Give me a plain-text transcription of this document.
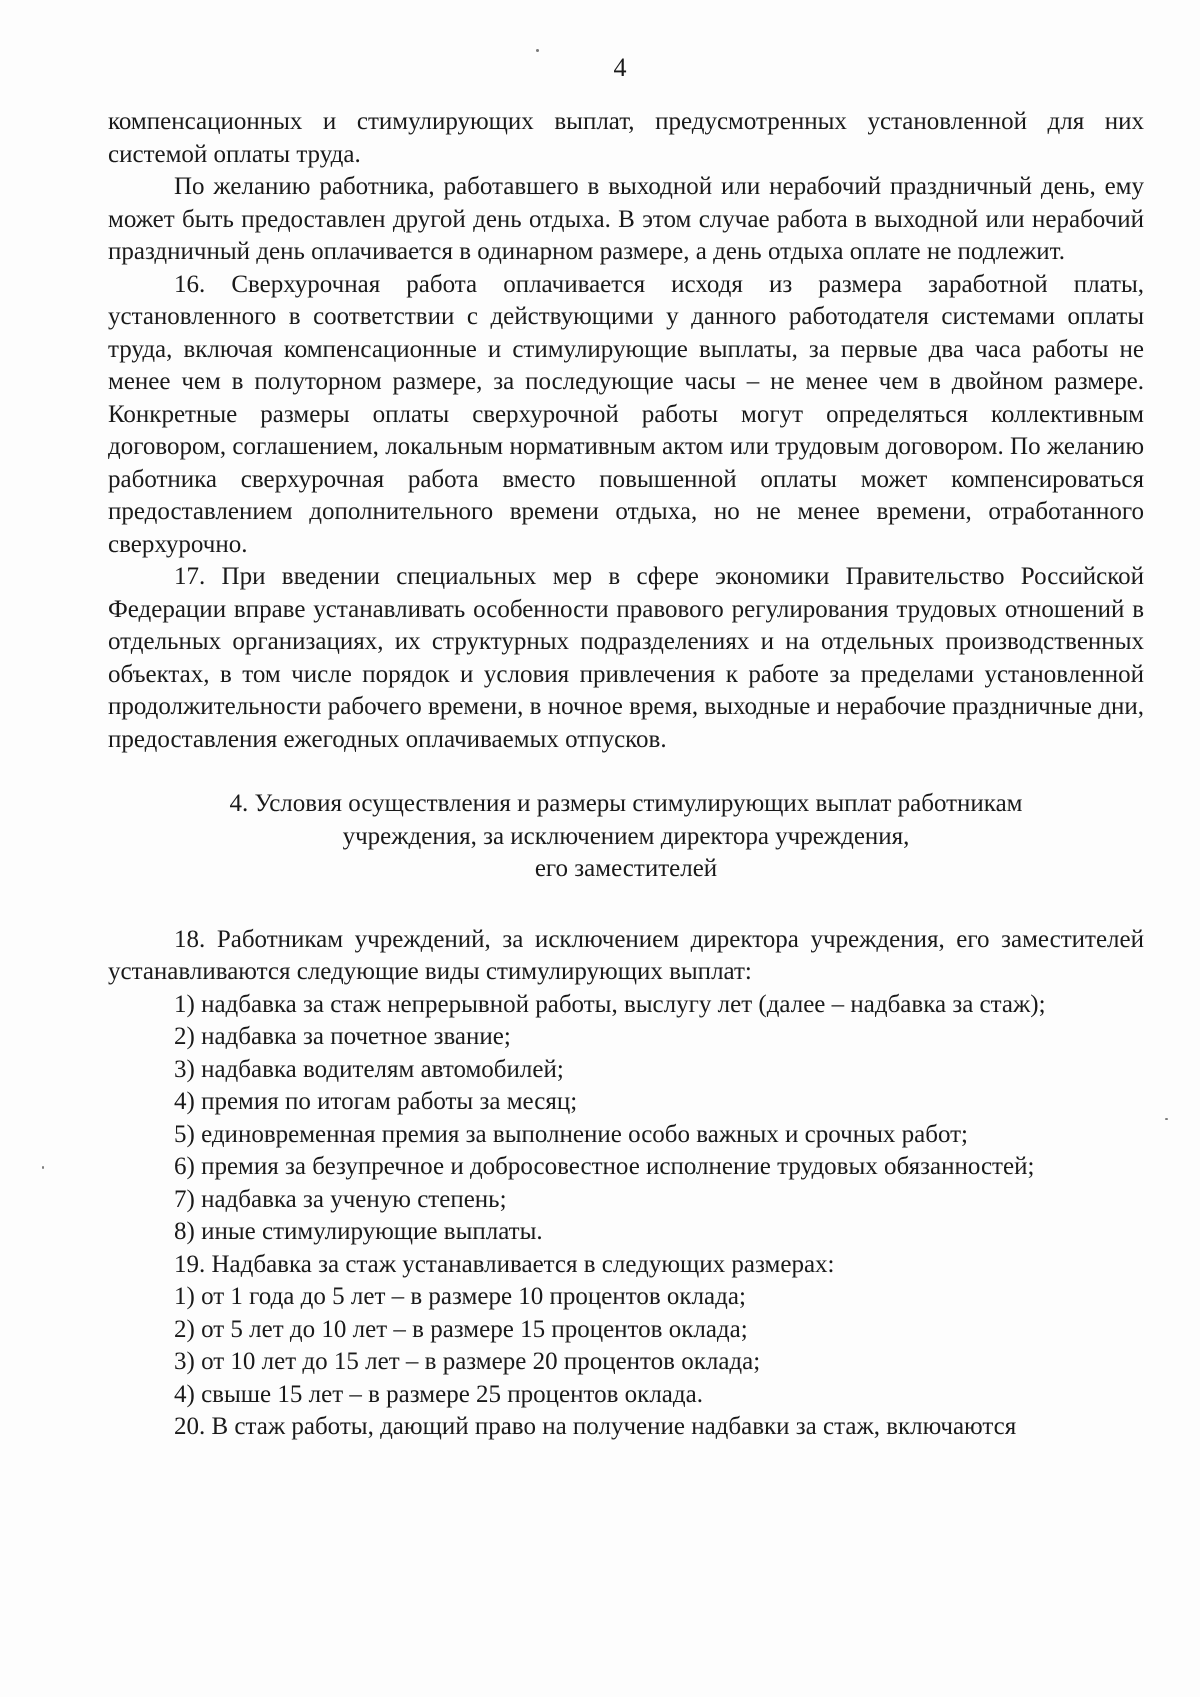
4

компенсационных и стимулирующих выплат, предусмотренных установленной для них системой оплаты труда.

По желанию работника, работавшего в выходной или нерабочий праздничный день, ему может быть предоставлен другой день отдыха. В этом случае работа в выходной или нерабочий праздничный день оплачивается в одинарном размере, а день отдыха оплате не подлежит.

16. Сверхурочная работа оплачивается исходя из размера заработной платы, установленного в соответствии с действующими у данного работодателя системами оплаты труда, включая компенсационные и стимулирующие выплаты, за первые два часа работы не менее чем в полуторном размере, за последующие часы – не менее чем в двойном размере. Конкретные размеры оплаты сверхурочной работы могут определяться коллективным договором, соглашением, локальным нормативным актом или трудовым договором. По желанию работника сверхурочная работа вместо повышенной оплаты может компенсироваться предоставлением дополнительного времени отдыха, но не менее времени, отработанного сверхурочно.

17. При введении специальных мер в сфере экономики Правительство Российской Федерации вправе устанавливать особенности правового регулирования трудовых отношений в отдельных организациях, их структурных подразделениях и на отдельных производственных объектах, в том числе порядок и условия привлечения к работе за пределами установленной продолжительности рабочего времени, в ночное время, выходные и нерабочие праздничные дни, предоставления ежегодных оплачиваемых отпусков.

4. Условия осуществления и размеры стимулирующих выплат работникам
учреждения, за исключением директора учреждения,
его заместителей

18. Работникам учреждений, за исключением директора учреждения, его заместителей устанавливаются следующие виды стимулирующих выплат:

1) надбавка за стаж непрерывной работы, выслугу лет (далее – надбавка за стаж);

2) надбавка за почетное звание;

3) надбавка водителям автомобилей;

4) премия по итогам работы за месяц;

5) единовременная премия за выполнение особо важных и срочных работ;

6) премия за безупречное и добросовестное исполнение трудовых обязанностей;

7) надбавка за ученую степень;

8) иные стимулирующие выплаты.

19. Надбавка за стаж устанавливается в следующих размерах:

1) от 1 года до 5 лет – в размере 10 процентов оклада;

2) от 5 лет до 10 лет – в размере 15 процентов оклада;

3) от 10 лет до 15 лет – в размере 20 процентов оклада;

4) свыше 15 лет – в размере 25 процентов оклада.

20. В стаж работы, дающий право на получение надбавки за стаж, включаются
